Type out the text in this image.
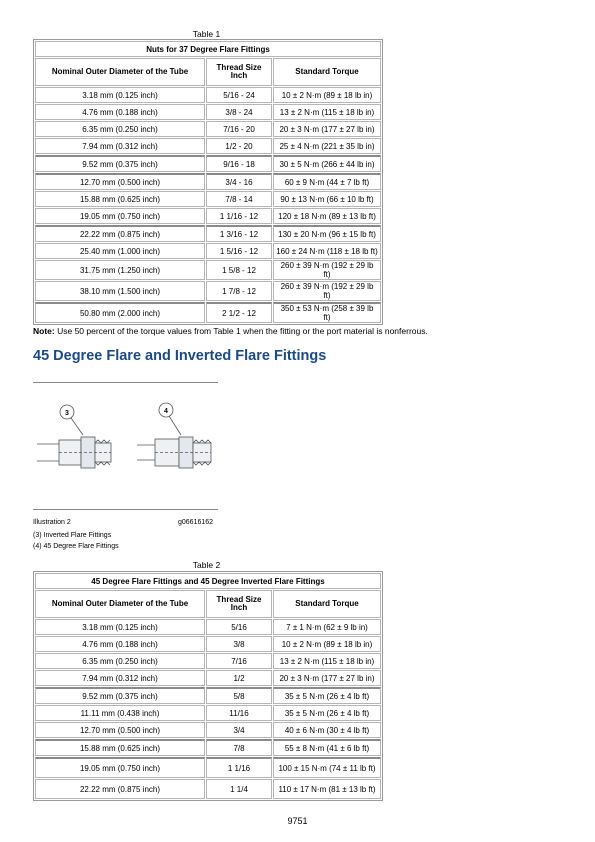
Table 1
Nuts for 37 Degree Flare Fittings		
Nominal Outer Diameter of the Tube	Thread Size Inch	Standard Torque
3.18 mm (0.125 inch)	5/16 - 24	10 ± 2 N·m (89 ± 18 lb in)
4.76 mm (0.188 inch)	3/8 - 24	13 ± 2 N·m (115 ± 18 lb in)
6.35 mm (0.250 inch)	7/16 - 20	20 ± 3 N·m (177 ± 27 lb in)
7.94 mm (0.312 inch)	1/2 - 20	25 ± 4 N·m (221 ± 35 lb in)
9.52 mm (0.375 inch)	9/16 - 18	30 ± 5 N·m (266 ± 44 lb in)
12.70 mm (0.500 inch)	3/4 - 16	60 ± 9 N·m (44 ± 7 lb ft)
15.88 mm (0.625 inch)	7/8 - 14	90 ± 13 N·m (66 ± 10 lb ft)
19.05 mm (0.750 inch)	1 1/16 - 12	120 ± 18 N·m (89 ± 13 lb ft)
22.22 mm (0.875 inch)	1 3/16 - 12	130 ± 20 N·m (96 ± 15 lb ft)
25.40 mm (1.000 inch)	1 5/16 - 12	160 ± 24 N·m (118 ± 18 lb ft)
31.75 mm (1.250 inch)	1 5/8 - 12	260 ± 39 N·m (192 ± 29 lb ft)
38.10 mm (1.500 inch)	1 7/8 - 12	260 ± 39 N·m (192 ± 29 lb ft)
50.80 mm (2.000 inch)	2 1/2 - 12	350 ± 53 N·m (258 ± 39 lb ft)
Note: Use 50 percent of the torque values from Table 1 when the fitting or the port material is nonferrous.
45 Degree Flare and Inverted Flare Fittings
3	4
Illustration 2	g06616162
(3) Inverted Flare Fittings
(4) 45 Degree Flare Fittings
Table 2
45 Degree Flare Fittings and 45 Degree Inverted Flare Fittings		
Nominal Outer Diameter of the Tube	Thread Size Inch	Standard Torque
3.18 mm (0.125 inch)	5/16	7 ± 1 N·m (62 ± 9 lb in)
4.76 mm (0.188 inch)	3/8	10 ± 2 N·m (89 ± 18 lb in)
6.35 mm (0.250 inch)	7/16	13 ± 2 N·m (115 ± 18 lb in)
7.94 mm (0.312 inch)	1/2	20 ± 3 N·m (177 ± 27 lb in)
9.52 mm (0.375 inch)	5/8	35 ± 5 N·m (26 ± 4 lb ft)
11.11 mm (0.438 inch)	11/16	35 ± 5 N·m (26 ± 4 lb ft)
12.70 mm (0.500 inch)	3/4	40 ± 6 N·m (30 ± 4 lb ft)
15.88 mm (0.625 inch)	7/8	55 ± 8 N·m (41 ± 6 lb ft)
19.05 mm (0.750 inch)	1 1/16	100 ± 15 N·m (74 ± 11 lb ft)
22.22 mm (0.875 inch)	1 1/4	110 ± 17 N·m (81 ± 13 lb ft)
9751
